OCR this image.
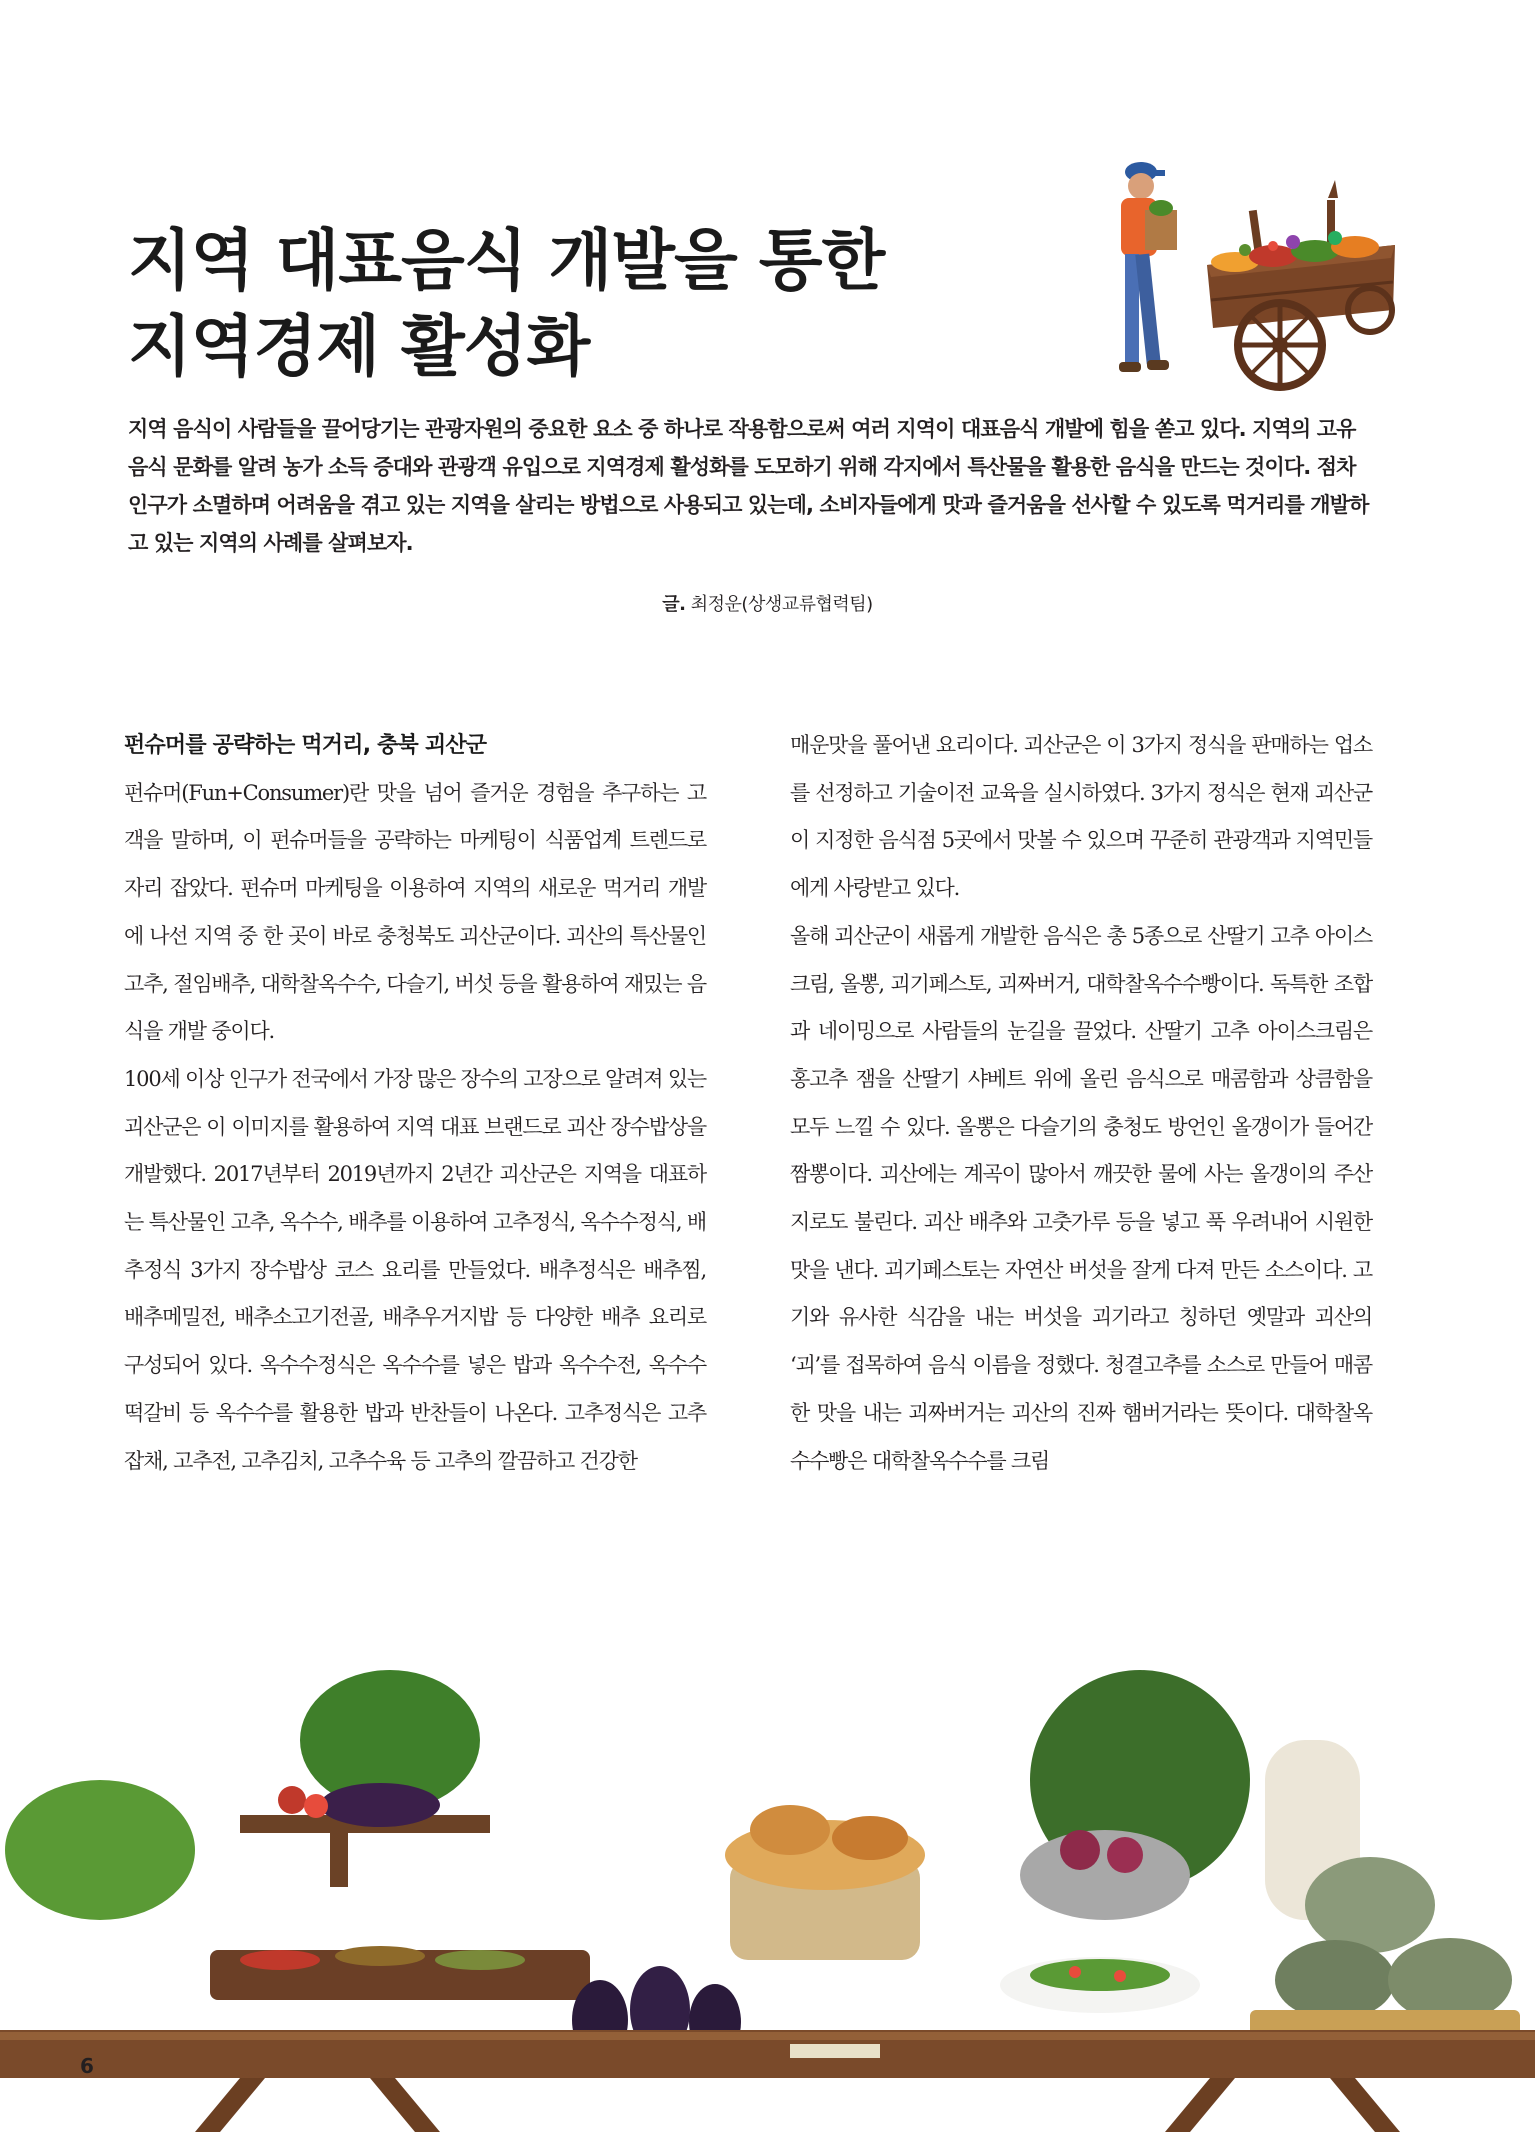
지역 대표음식 개발을 통한
지역경제 활성화

지역 음식이 사람들을 끌어당기는 관광자원의 중요한 요소 중 하나로 작용함으로써 여러 지역이 대표음식 개발에 힘을 쏟고 있다. 지역의 고유 음식 문화를 알려 농가 소득 증대와 관광객 유입으로 지역경제 활성화를 도모하기 위해 각지에서 특산물을 활용한 음식을 만드는 것이다. 점차 인구가 소멸하며 어려움을 겪고 있는 지역을 살리는 방법으로 사용되고 있는데, 소비자들에게 맛과 즐거움을 선사할 수 있도록 먹거리를 개발하고 있는 지역의 사례를 살펴보자.

글. 최정운(상생교류협력팀)
펀슈머를 공략하는 먹거리, 충북 괴산군

펀슈머(Fun+Consumer)란 맛을 넘어 즐거운 경험을 추구하는 고객을 말하며, 이 펀슈머들을 공략하는 마케팅이 식품업계 트렌드로 자리 잡았다. 펀슈머 마케팅을 이용하여 지역의 새로운 먹거리 개발에 나선 지역 중 한 곳이 바로 충청북도 괴산군이다. 괴산의 특산물인 고추, 절임배추, 대학찰옥수수, 다슬기, 버섯 등을 활용하여 재밌는 음식을 개발 중이다.

100세 이상 인구가 전국에서 가장 많은 장수의 고장으로 알려져 있는 괴산군은 이 이미지를 활용하여 지역 대표 브랜드로 괴산 장수밥상을 개발했다. 2017년부터 2019년까지 2년간 괴산군은 지역을 대표하는 특산물인 고추, 옥수수, 배추를 이용하여 고추정식, 옥수수정식, 배추정식 3가지 장수밥상 코스 요리를 만들었다. 배추정식은 배추찜, 배추메밀전, 배추소고기전골, 배추우거지밥 등 다양한 배추 요리로 구성되어 있다. 옥수수정식은 옥수수를 넣은 밥과 옥수수전, 옥수수 떡갈비 등 옥수수를 활용한 밥과 반찬들이 나온다. 고추정식은 고추잡채, 고추전, 고추김치, 고추수육 등 고추의 깔끔하고 건강한

매운맛을 풀어낸 요리이다. 괴산군은 이 3가지 정식을 판매하는 업소를 선정하고 기술이전 교육을 실시하였다. 3가지 정식은 현재 괴산군이 지정한 음식점 5곳에서 맛볼 수 있으며 꾸준히 관광객과 지역민들에게 사랑받고 있다.

올해 괴산군이 새롭게 개발한 음식은 총 5종으로 산딸기 고추 아이스크림, 올뽕, 괴기페스토, 괴짜버거, 대학찰옥수수빵이다. 독특한 조합과 네이밍으로 사람들의 눈길을 끌었다. 산딸기 고추 아이스크림은 홍고추 잼을 산딸기 샤베트 위에 올린 음식으로 매콤함과 상큼함을 모두 느낄 수 있다. 올뽕은 다슬기의 충청도 방언인 올갱이가 들어간 짬뽕이다. 괴산에는 계곡이 많아서 깨끗한 물에 사는 올갱이의 주산지로도 불린다. 괴산 배추와 고춧가루 등을 넣고 푹 우려내어 시원한 맛을 낸다. 괴기페스토는 자연산 버섯을 잘게 다져 만든 소스이다. 고기와 유사한 식감을 내는 버섯을 괴기라고 칭하던 옛말과 괴산의 ‘괴’를 접목하여 음식 이름을 정했다. 청결고추를 소스로 만들어 매콤한 맛을 내는 괴짜버거는 괴산의 진짜 햄버거라는 뜻이다. 대학찰옥수수빵은 대학찰옥수수를 크림

6
